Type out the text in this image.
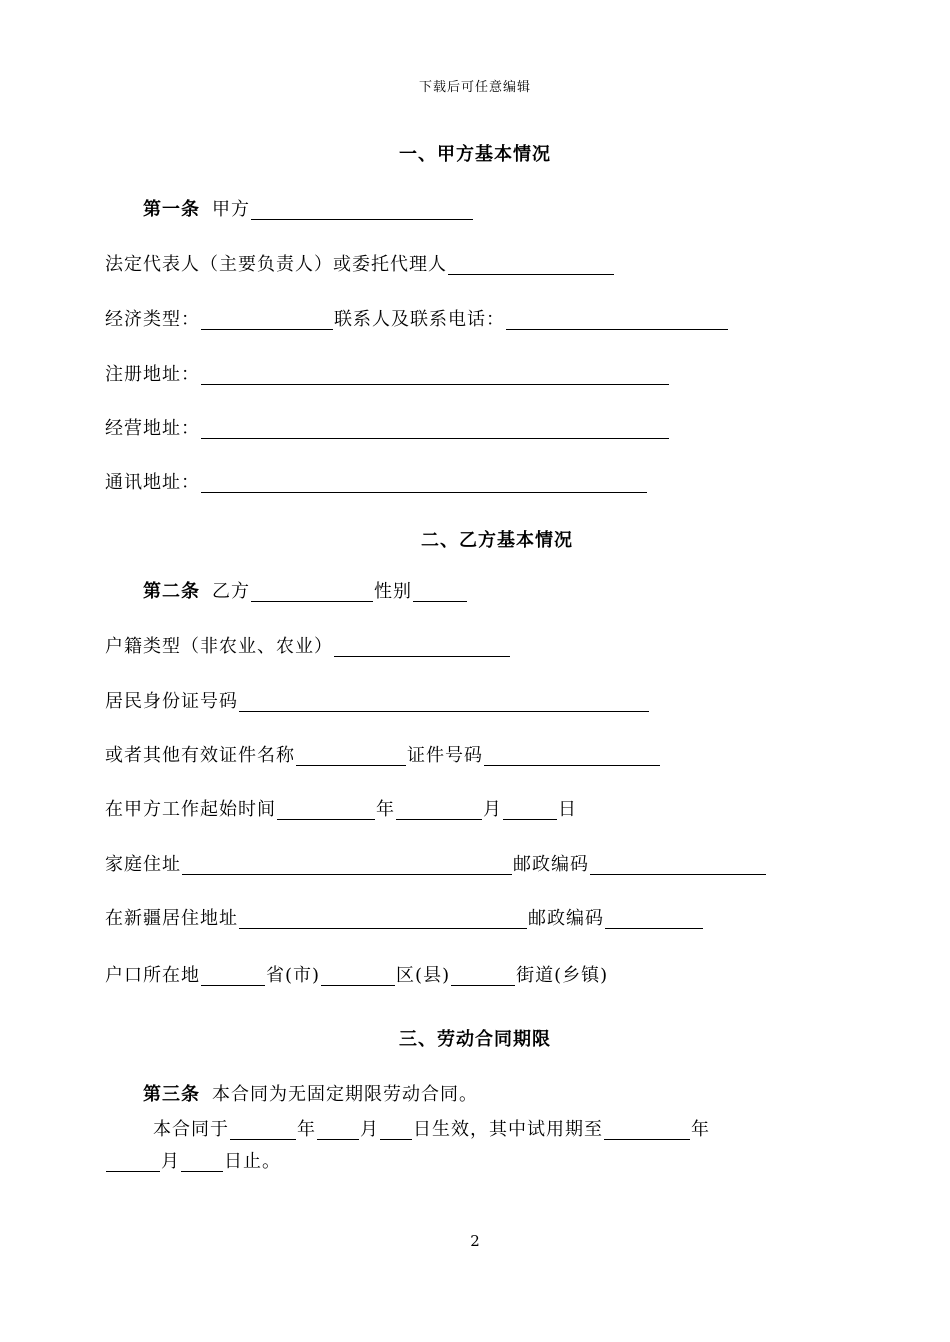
下载后可任意编辑
一、甲方基本情况
第一条 甲方
法定代表人（主要负责人）或委托代理人
经济类型：	联系人及联系电话：
注册地址：
经营地址：
通讯地址：
二、乙方基本情况
第二条 乙方	性别
户籍类型（非农业、农业）
居民身份证号码
或者其他有效证件名称	证件号码
在甲方工作起始时间	年	月	日
家庭住址	邮政编码
在新疆居住地址	邮政编码
户口所在地	省(市)	区(县)	街道(乡镇)
三、劳动合同期限
第三条 本合同为无固定期限劳动合同。
本合同于	年 月 日生效，其中试用期至	年
月 日止。
2
